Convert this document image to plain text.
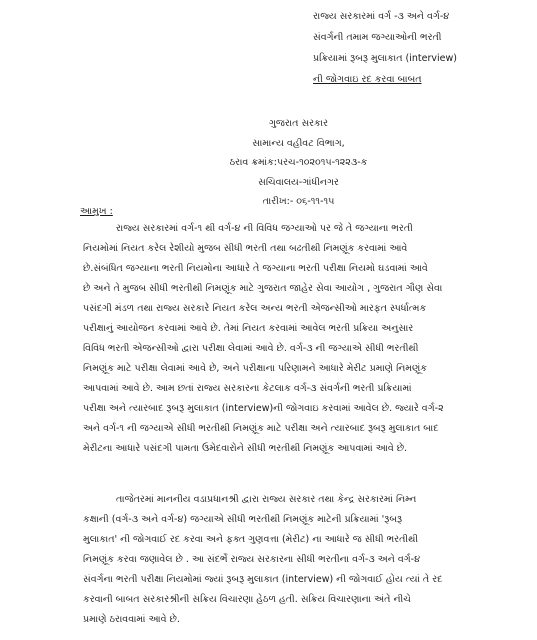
રાજ્ય સરકારમાં વર્ગ -૩ અને વર્ગ-૪
સંવર્ગની તમામ જગ્યાઓની ભરતી
પ્રક્રિયામાં રૂબરૂ મુલાકાત (interview)
ની જોગવાઇ રદ કરવા બાબત
ગુજરાત સરકાર
સામાન્ય વહીવટ વિભાગ,
ઠરાવ ક્રમાંક:પરચ-૧૦૨૦૧૫-૧૨૨૩-ક
સચિવાલય-ગાંધીનગર
તારીખ:- ૦૬-૧૧-૧૫
આમુખ :
રાજ્ય સરકારમાં વર્ગ-૧ થી વર્ગ-૪ ની વિવિધ જગ્યાઓ પર જે તે જગ્યાના ભરતી
નિયમોમાં નિયત કરેલ રેશીયો મુજબ સીધી ભરતી તથા બઢતીથી નિમણૂંક કરવામાં આવે
છે.સંબંધિત જગ્યાના ભરતી નિયમોના આધારે તે જગ્યાના ભરતી પરીક્ષા નિયમો ઘડવામાં આવે
છે અને તે મુજબ સીધી ભરતીથી નિમણૂંક માટે ગુજરાત જાહેર સેવા આયોગ , ગુજરાત ગૌણ સેવા
પસંદગી મંડળ તથા રાજ્ય સરકારે નિયત કરેલ અન્ય ભરતી એજન્સીઓ મારફત સ્પર્ધાત્મક
પરીક્ષાનું આયોજન કરવામાં આવે છે. તેમાં નિયત કરવામાં આવેલ ભરતી પ્રક્રિયા અનુસાર
વિવિધ ભરતી એજન્સીઓ દ્વારા પરીક્ષા લેવામાં આવે છે. વર્ગ-૩ ની જગ્યાએ સીધી ભરતીથી
નિમણૂંક માટે પરીક્ષા લેવામાં આવે છે, અને પરીક્ષાના પરિણામને આધારે મેરીટ પ્રમાણે નિમણૂંક
આપવામાં આવે છે. આમ છતાં રાજ્ય સરકારના કેટલાક વર્ગ-૩ સંવર્ગની ભરતી પ્રક્રિયામાં
પરીક્ષા અને ત્યારબાદ રૂબરૂ મુલાકાત (interview)ની જોગવાઇ કરવામાં આવેલ છે. જ્યારે વર્ગ-૨
અને વર્ગ-૧ ની જગ્યાએ સીધી ભરતીથી નિમણૂંક માટે પરીક્ષા અને ત્યારબાદ રૂબરૂ મુલાકાત બાદ
મેરીટના આધારે પસંદગી પામતા ઉમેદવારોને સીધી ભરતીથી નિમણૂંક આપવામાં આવે છે.
તાજેતરમાં માનનીય વડાપ્રધાનશ્રી દ્વારા રાજ્ય સરકાર તથા કેન્દ્ર સરકારમાં નિમ્ન
કક્ષાની (વર્ગ-૩ અને વર્ગ-૪) જગ્યાએ સીધી ભરતીથી નિમણૂંક માટેની પ્રક્રિયામાં 'રૂબરૂ
મુલાકાત' ની જોગવાઈ રદ કરવા અને ફક્ત ગુણવત્તા (મેરીટ) ના આધારે જ સીધી ભરતીથી
નિમણૂંક કરવા જણાવેલ છે . આ સંદર્ભે રાજ્ય સરકારના સીધી ભરતીના વર્ગ-૩ અને વર્ગ-૪
સંવર્ગના ભરતી પરીક્ષા નિયમોમાં જ્યાં રૂબરૂ મુલાકાત (interview) ની જોગવાઈ હોય ત્યાં તે રદ
કરવાની બાબત સરકારશ્રીની સક્રિય વિચારણા હેઠળ હતી. સક્રિય વિચારણાના અંતે નીચે
પ્રમાણે ઠરાવવામાં આવે છે.
